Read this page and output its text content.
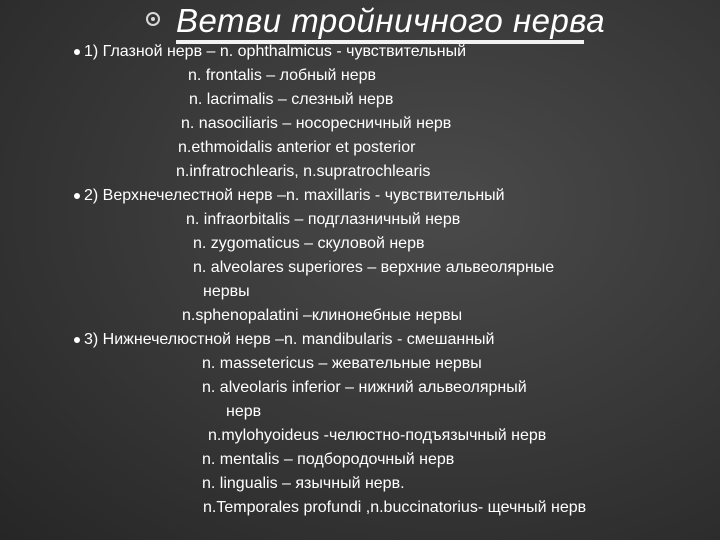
Ветви тройничного нерва
1) Глазной нерв – n. ophthalmicus - чувствительный
n. frontalis – лобный нерв
n. lacrimalis – слезный нерв
n. nasociliaris – носоресничный нерв
n.ethmoidalis anterior et posterior
n.infratrochlearis, n.supratrochlearis
2) Верхнечелестной нерв –n. maxillaris - чувствительный
n. infraorbitalis – подглазничный нерв
n. zygomaticus – скуловой нерв
n. alveolares superiores – верхние альвеолярные
нервы
n.sphenopalatini –клинонебные нервы
3) Нижнечелюстной нерв –n. mandibularis - смешанный
n. massetericus – жевательные нервы
n. alveolaris inferior – нижний альвеолярный
нерв
n.mylohyoideus -челюстно-подъязычный нерв
n. mentalis – подбородочный нерв
n. lingualis – язычный нерв.
n.Temporales profundi ,n.buccinatorius- щечный нерв
